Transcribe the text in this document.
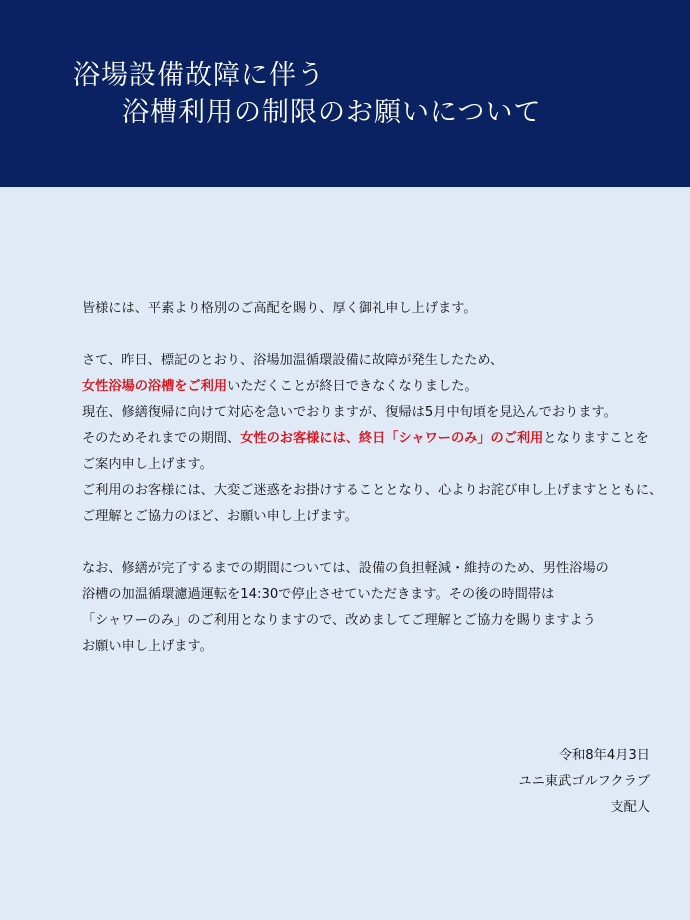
浴場設備故障に伴う
浴槽利用の制限のお願いについて

皆様には、平素より格別のご高配を賜り、厚く御礼申し上げます。

さて、昨日、標記のとおり、浴場加温循環設備に故障が発生したため、

女性浴場の浴槽をご利用いただくことが終日できなくなりました。

現在、修繕復帰に向けて対応を急いでおりますが、復帰は5月中旬頃を見込んでおります。

そのためそれまでの期間、女性のお客様には、終日「シャワーのみ」のご利用となりますことを

ご案内申し上げます。

ご利用のお客様には、大変ご迷惑をお掛けすることとなり、心よりお詫び申し上げますとともに、

ご理解とご協力のほど、お願い申し上げます。

なお、修繕が完了するまでの期間については、設備の負担軽減・維持のため、男性浴場の

浴槽の加温循環濾過運転を14:30で停止させていただきます。その後の時間帯は

「シャワーのみ」のご利用となりますので、改めましてご理解とご協力を賜りますよう

お願い申し上げます。

令和8年4月3日
ユニ東武ゴルフクラブ
支配人
